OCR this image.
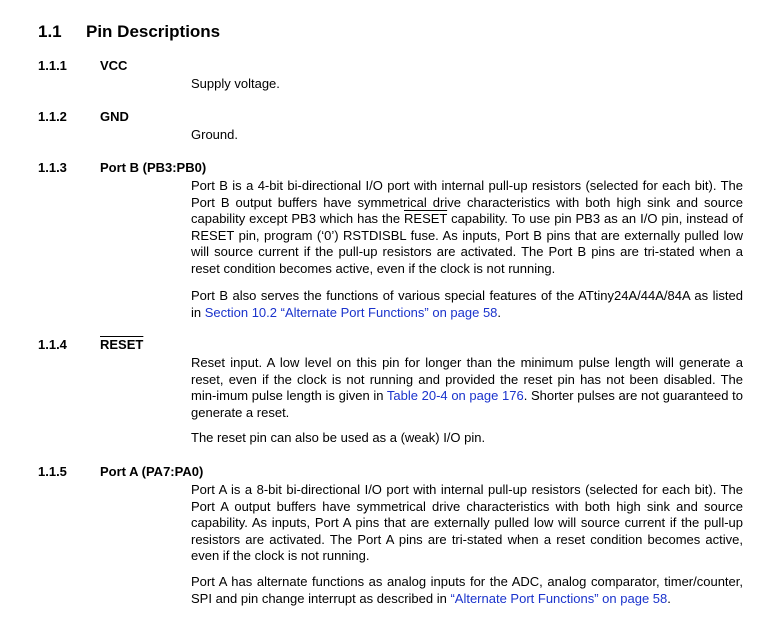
1.1 Pin Descriptions
1.1.1	VCC

Supply voltage.

1.1.2	GND

Ground.

1.1.3	Port B (PB3:PB0)

Port B is a 4-bit bi-directional I/O port with internal pull-up resistors (selected for each bit). The Port B output buffers have symmetrical drive characteristics with both high sink and source capability except PB3 which has the RESET capability. To use pin PB3 as an I/O pin, instead of RESET pin, program (‘0’) RSTDISBL fuse. As inputs, Port B pins that are externally pulled low will source current if the pull-up resistors are activated. The Port B pins are tri-stated when a reset condition becomes active, even if the clock is not running.

Port B also serves the functions of various special features of the ATtiny24A/44A/84A as listed in Section 10.2 “Alternate Port Functions” on page 58.

1.1.4	RESET

Reset input. A low level on this pin for longer than the minimum pulse length will generate a reset, even if the clock is not running and provided the reset pin has not been disabled. The min-imum pulse length is given in Table 20-4 on page 176. Shorter pulses are not guaranteed to generate a reset.

The reset pin can also be used as a (weak) I/O pin.

1.1.5	Port A (PA7:PA0)

Port A is a 8-bit bi-directional I/O port with internal pull-up resistors (selected for each bit). The Port A output buffers have symmetrical drive characteristics with both high sink and source capability. As inputs, Port A pins that are externally pulled low will source current if the pull-up resistors are activated. The Port A pins are tri-stated when a reset condition becomes active, even if the clock is not running.

Port A has alternate functions as analog inputs for the ADC, analog comparator, timer/counter, SPI and pin change interrupt as described in “Alternate Port Functions” on page 58.
